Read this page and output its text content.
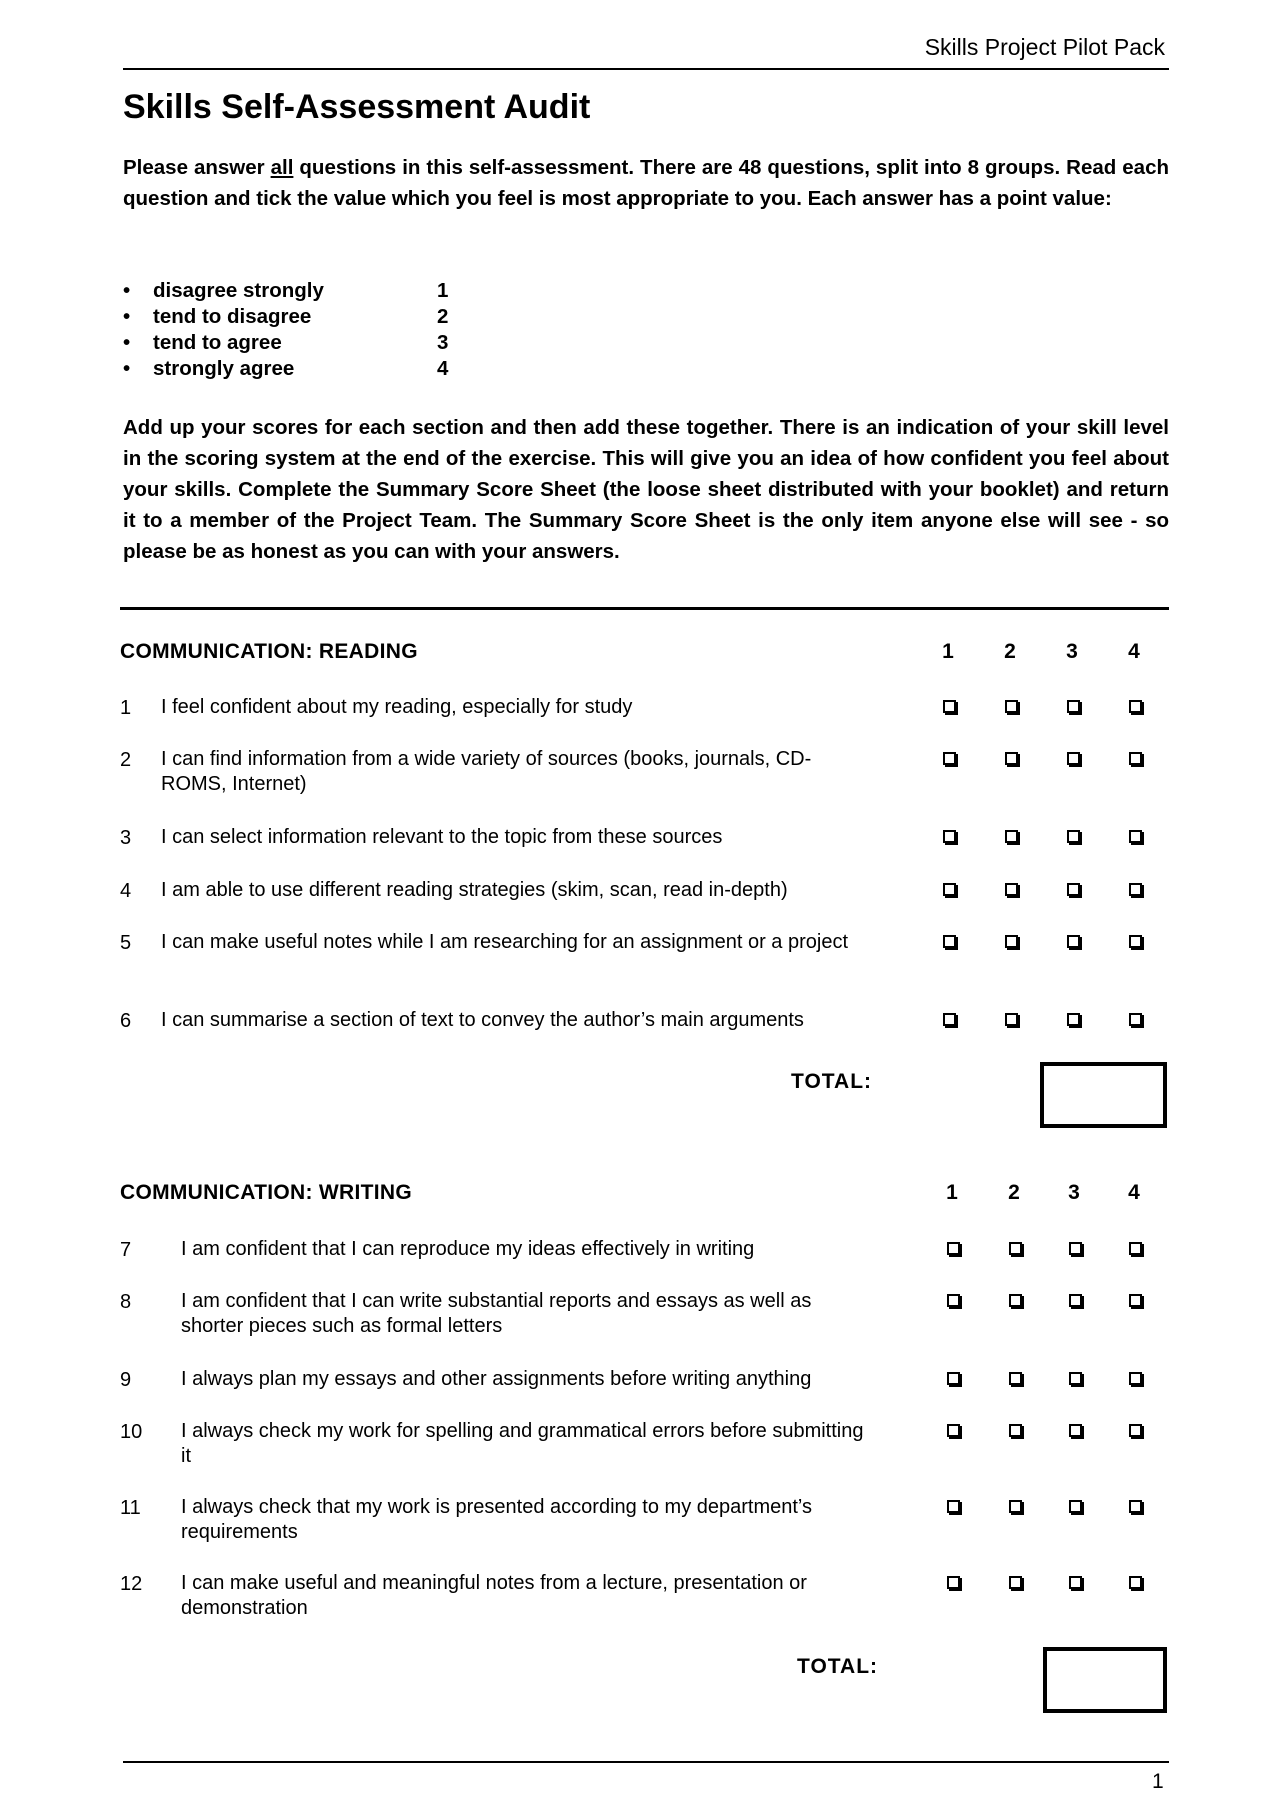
Skills Project Pilot Pack
Skills Self-Assessment Audit
Please answer all questions in this self-assessment. There are 48 questions, split into 8 groups. Read each question and tick the value which you feel is most appropriate to you. Each answer has a point value:
•	disagree strongly	1
•	tend to disagree	2
•	tend to agree	3
•	strongly agree	4
Add up your scores for each section and then add these together. There is an indication of your skill level in the scoring system at the end of the exercise. This will give you an idea of how confident you feel about your skills. Complete the Summary Score Sheet (the loose sheet distributed with your booklet) and return it to a member of the Project Team. The Summary Score Sheet is the only item anyone else will see - so please be as honest as you can with your answers.
COMMUNICATION: READING	1 2 3 4
1 I feel confident about my reading, especially for study
2 I can find information from a wide variety of sources (books, journals, CD-ROMS, Internet)
3 I can select information relevant to the topic from these sources
4 I am able to use different reading strategies (skim, scan, read in-depth)
5 I can make useful notes while I am researching for an assignment or a project
6 I can summarise a section of text to convey the author’s main arguments
TOTAL:
COMMUNICATION: WRITING	1 2 3 4
7 I am confident that I can reproduce my ideas effectively in writing
8 I am confident that I can write substantial reports and essays as well as shorter pieces such as formal letters
9 I always plan my essays and other assignments before writing anything
10 I always check my work for spelling and grammatical errors before submitting it
11 I always check that my work is presented according to my department’s requirements
12 I can make useful and meaningful notes from a lecture, presentation or demonstration
TOTAL:
1
